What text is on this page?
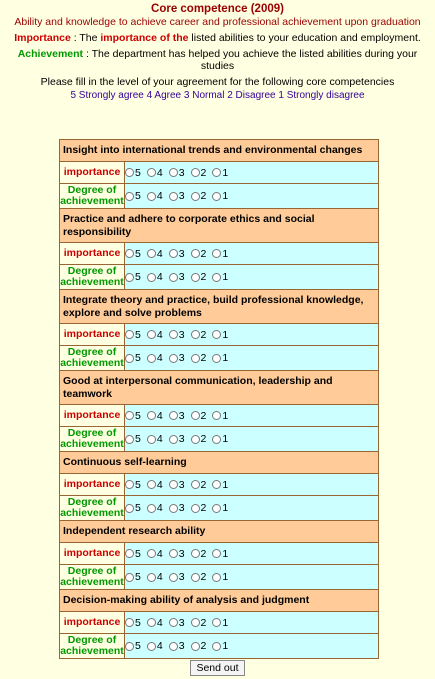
Core competence (2009)
Ability and knowledge to achieve career and professional achievement upon graduation
Importance : The importance of the listed abilities to your education and employment.
Achievement : The department has helped you achieve the listed abilities during your studies
Please fill in the level of your agreement for the following core competencies
5 Strongly agree 4 Agree 3 Normal 2 Disagree 1 Strongly disagree
Insight into international trends and environmental changes	
importance	5 4 3 2 1
Degree of achievement	5 4 3 2 1
Practice and adhere to corporate ethics and social responsibility	
importance	5 4 3 2 1
Degree of achievement	5 4 3 2 1
Integrate theory and practice, build professional knowledge, explore and solve problems	
importance	5 4 3 2 1
Degree of achievement	5 4 3 2 1
Good at interpersonal communication, leadership and teamwork	
importance	5 4 3 2 1
Degree of achievement	5 4 3 2 1
Continuous self-learning	
importance	5 4 3 2 1
Degree of achievement	5 4 3 2 1
Independent research ability	
importance	5 4 3 2 1
Degree of achievement	5 4 3 2 1
Decision-making ability of analysis and judgment	
importance	5 4 3 2 1
Degree of achievement	5 4 3 2 1
Send out
